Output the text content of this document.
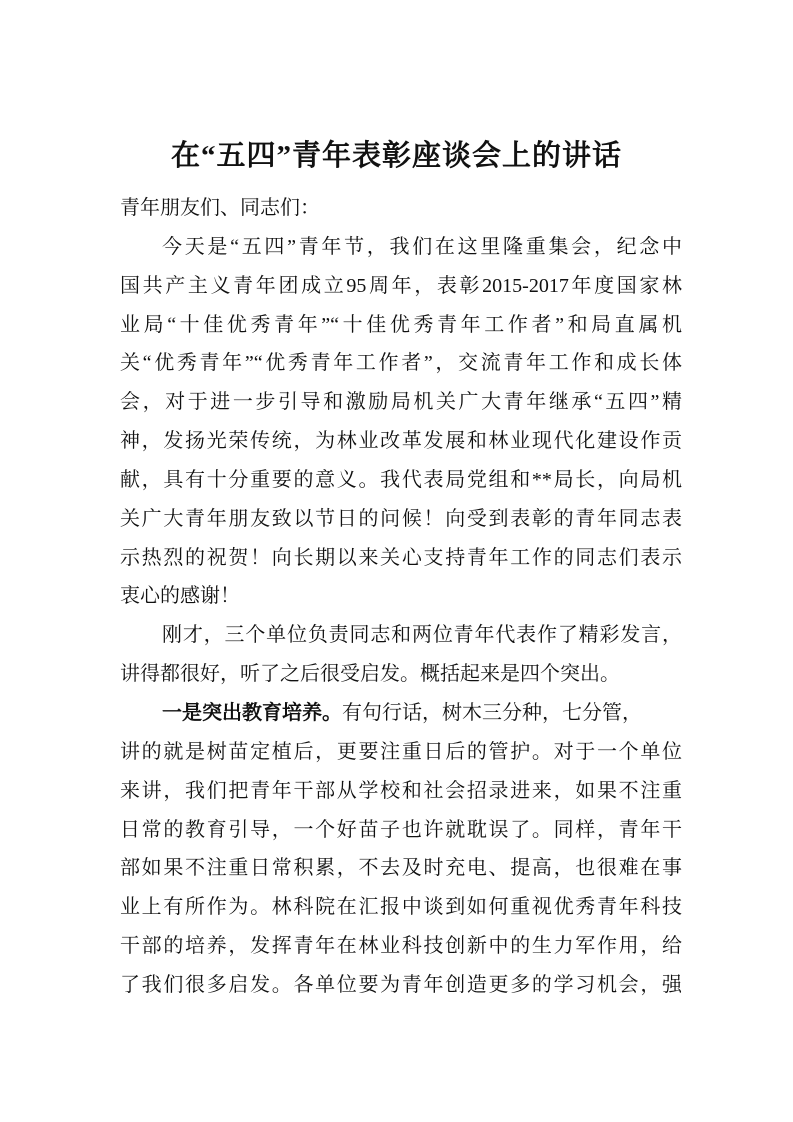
在“五四”青年表彰座谈会上的讲话
青年朋友们、同志们：
今天是“五四”青年节，我们在这里隆重集会，纪念中
国共产主义青年团成立95周年，表彰2015-2017年度国家林
业局“十佳优秀青年”“十佳优秀青年工作者”和局直属机
关“优秀青年”“优秀青年工作者”，交流青年工作和成长体
会，对于进一步引导和激励局机关广大青年继承“五四”精
神，发扬光荣传统，为林业改革发展和林业现代化建设作贡
献，具有十分重要的意义。我代表局党组和**局长，向局机
关广大青年朋友致以节日的问候！向受到表彰的青年同志表
示热烈的祝贺！向长期以来关心支持青年工作的同志们表示
衷心的感谢！
刚才，三个单位负责同志和两位青年代表作了精彩发言，
讲得都很好，听了之后很受启发。概括起来是四个突出。
一是突出教育培养。 有句行话，树木三分种，七分管，
讲的就是树苗定植后，更要注重日后的管护。对于一个单位
来讲，我们把青年干部从学校和社会招录进来，如果不注重
日常的教育引导，一个好苗子也许就耽误了。同样，青年干
部如果不注重日常积累，不去及时充电、提高，也很难在事
业上有所作为。林科院在汇报中谈到如何重视优秀青年科技
干部的培养，发挥青年在林业科技创新中的生力军作用，给
了我们很多启发。各单位要为青年创造更多的学习机会，强
